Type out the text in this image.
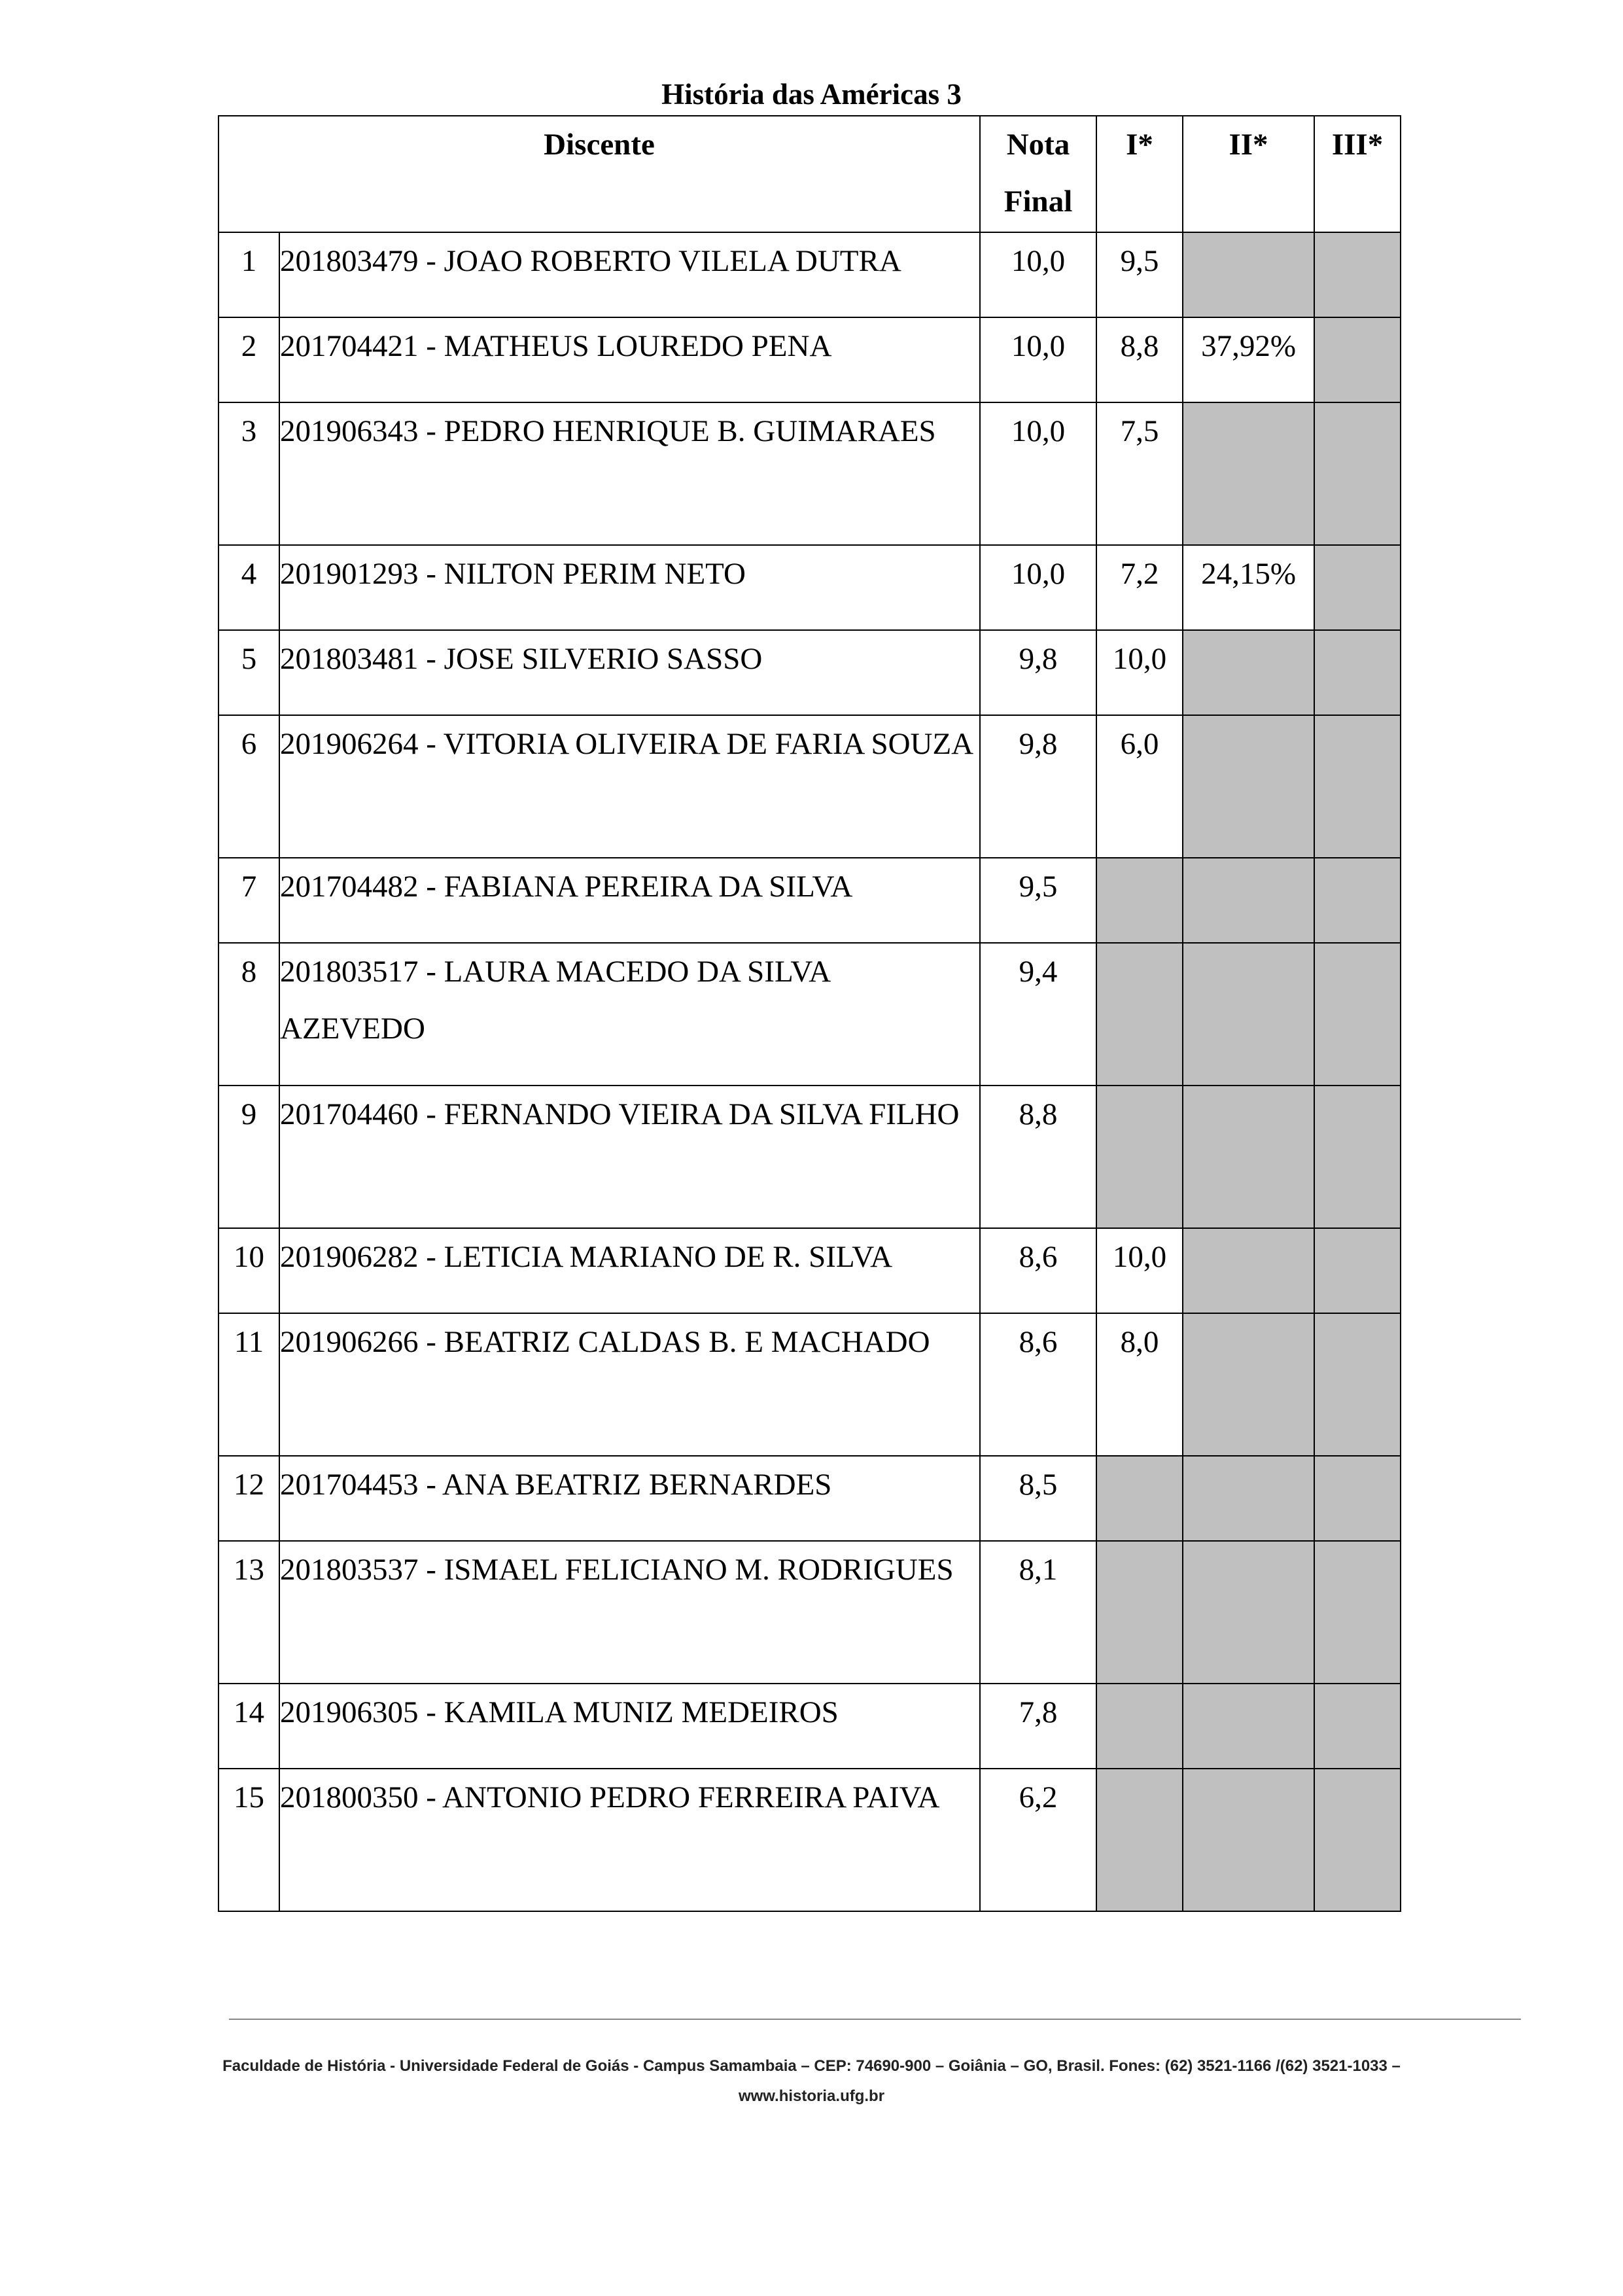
História das Américas 3
Discente		Nota
Final	I*	II*	III*
1	201803479 - JOAO ROBERTO VILELA DUTRA	10,0	9,5		
2	201704421 - MATHEUS LOUREDO PENA	10,0	8,8	37,92%	
3	201906343 - PEDRO HENRIQUE B. GUIMARAES	10,0	7,5		
4	201901293 - NILTON PERIM NETO	10,0	7,2	24,15%	
5	201803481 - JOSE SILVERIO SASSO	9,8	10,0		
6	201906264 - VITORIA OLIVEIRA DE FARIA SOUZA	9,8	6,0		
7	201704482 - FABIANA PEREIRA DA SILVA	9,5			
8	201803517 - LAURA MACEDO DA SILVA AZEVEDO	9,4			
9	201704460 - FERNANDO VIEIRA DA SILVA FILHO	8,8			
10	201906282 - LETICIA MARIANO DE R. SILVA	8,6	10,0		
11	201906266 - BEATRIZ CALDAS B. E MACHADO	8,6	8,0		
12	201704453 - ANA BEATRIZ BERNARDES	8,5			
13	201803537 - ISMAEL FELICIANO M. RODRIGUES	8,1			
14	201906305 - KAMILA MUNIZ MEDEIROS	7,8			
15	201800350 - ANTONIO PEDRO FERREIRA PAIVA	6,2			
Faculdade de História - Universidade Federal de Goiás - Campus Samambaia – CEP: 74690-900 – Goiânia – GO, Brasil. Fones: (62) 3521-1166 /(62) 3521-1033 –
www.historia.ufg.br
